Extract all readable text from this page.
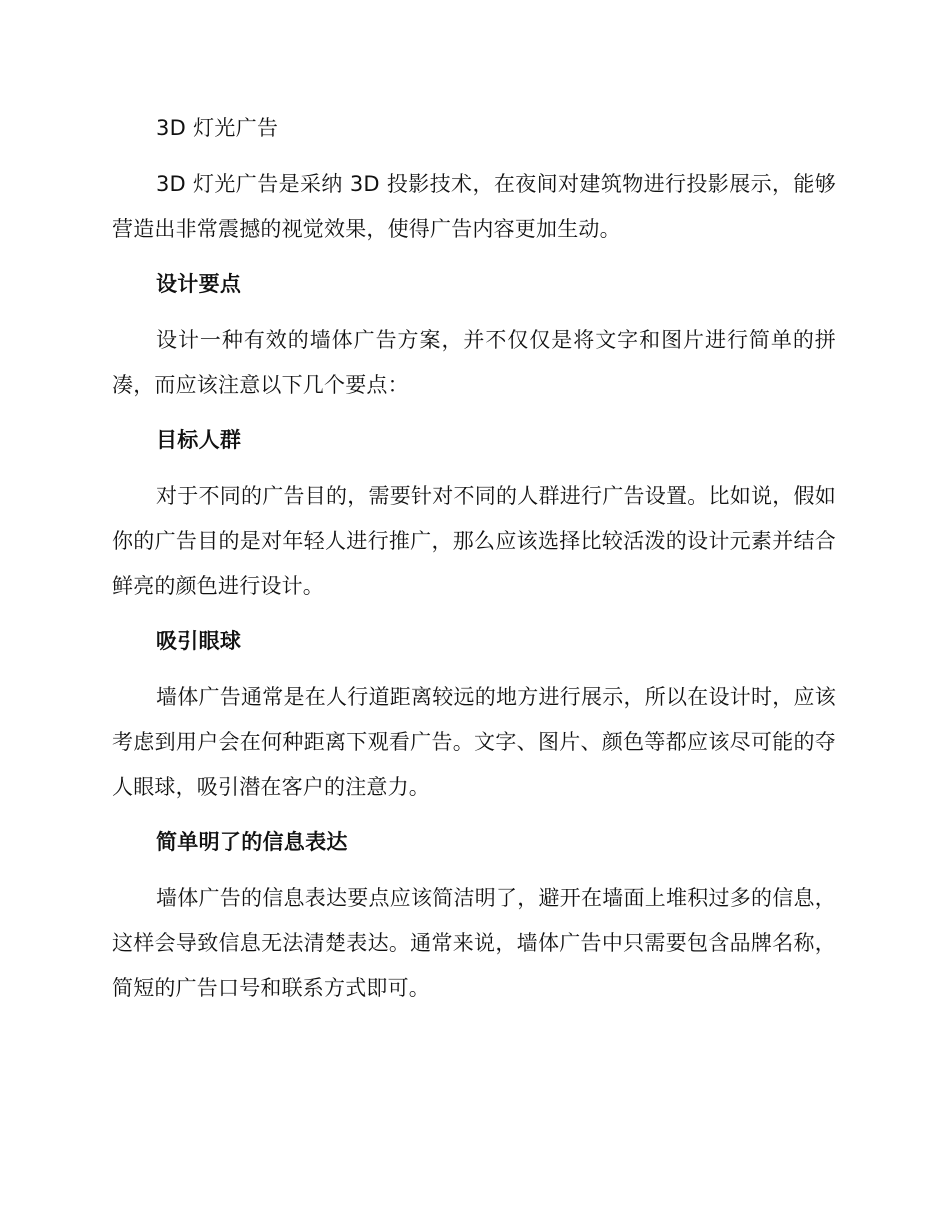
3D 灯光广告

3D 灯光广告是采纳 3D 投影技术，在夜间对建筑物进行投影展示，能够营造出非常震撼的视觉效果，使得广告内容更加生动。

设计要点

设计一种有效的墙体广告方案，并不仅仅是将文字和图片进行简单的拼凑，而应该注意以下几个要点：

目标人群

对于不同的广告目的，需要针对不同的人群进行广告设置。比如说，假如你的广告目的是对年轻人进行推广，那么应该选择比较活泼的设计元素并结合鲜亮的颜色进行设计。

吸引眼球

墙体广告通常是在人行道距离较远的地方进行展示，所以在设计时，应该考虑到用户会在何种距离下观看广告。文字、图片、颜色等都应该尽可能的夺人眼球，吸引潜在客户的注意力。

简单明了的信息表达

墙体广告的信息表达要点应该简洁明了，避开在墙面上堆积过多的信息，这样会导致信息无法清楚表达。通常来说，墙体广告中只需要包含品牌名称，简短的广告口号和联系方式即可。
